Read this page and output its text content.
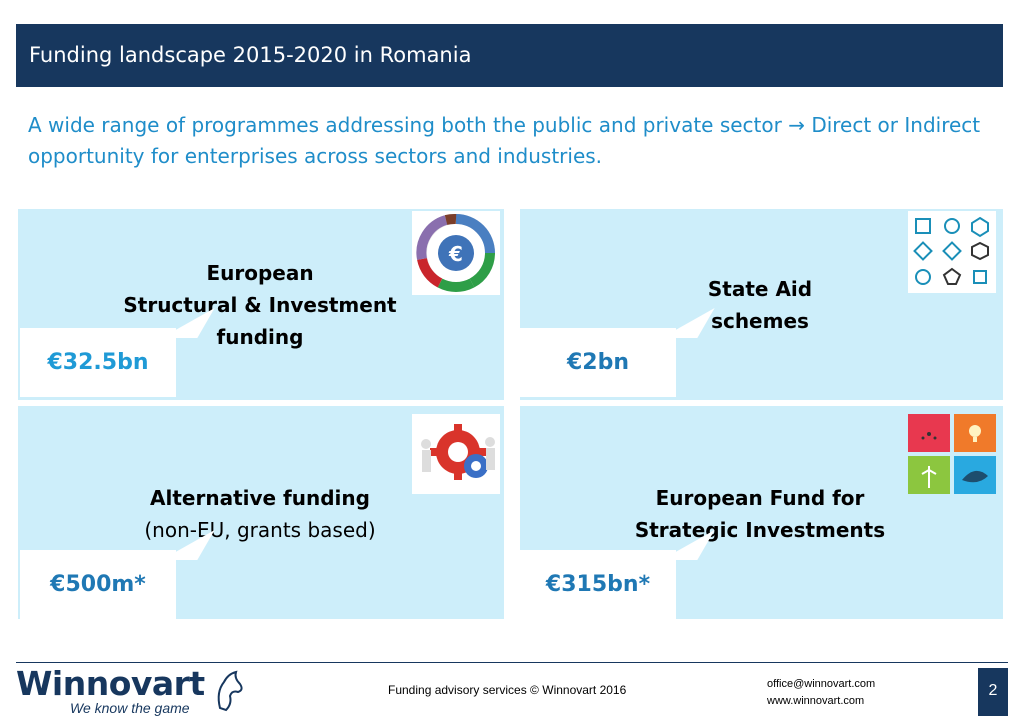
Funding landscape 2015-2020 in Romania
A wide range of programmes addressing both the public and private sector → Direct or Indirect opportunity for enterprises across sectors and industries.
European
Structural & Investment
funding
€
€32.5bn
State Aid
schemes
€2bn
Alternative funding
(non-EU, grants based)
€500m*
European Fund for
Strategic Investments
€315bn*
Winnovart
We know the game
Funding advisory services © Winnovart 2016	office@winnovart.com
www.winnovart.com
2
